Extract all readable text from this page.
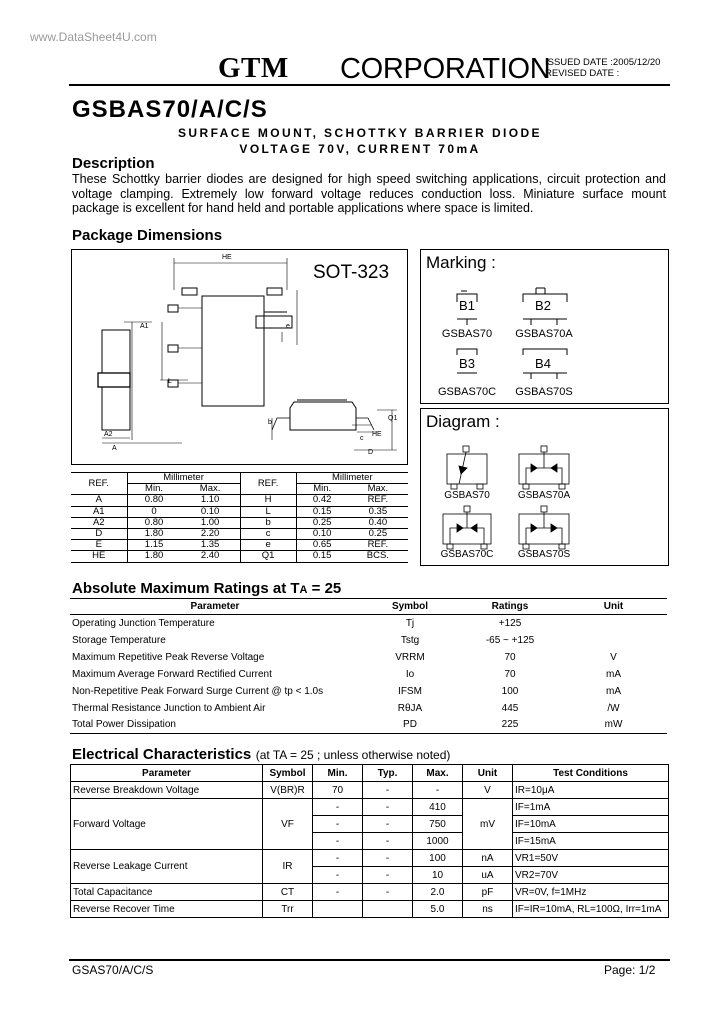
www.DataSheet4U.com
GTM CORPORATION
ISSUED DATE :2005/12/20
REVISED DATE :
GSBAS70/A/C/S
SURFACE MOUNT, SCHOTTKY BARRIER DIODE
VOLTAGE 70V, CURRENT 70mA
Description
These Schottky barrier diodes are designed for high speed switching applications, circuit protection and voltage clamping. Extremely low forward voltage reduces conduction loss. Miniature surface mount package is excellent for hand held and portable applications where space is limited.
Package Dimensions
SOT-323
HE
e
A1
L
A2
A
b
c
Q1
D
HE
Marking :
B1
GSBAS70
B2
GSBAS70A
B3
GSBAS70C
B4
GSBAS70S
Diagram :
GSBAS70	GSBAS70A
GSBAS70C	GSBAS70S
REF.	Millimeter		REF.	Millimeter	
	Min.	Max.		Min.	Max.
A	0.80	1.10	H	0.42	REF.
A1	0	0.10	L	0.15	0.35
A2	0.80	1.00	b	0.25	0.40
D	1.80	2.20	c	0.10	0.25
E	1.15	1.35	e	0.65	REF.
HE	1.80	2.40	Q1	0.15	BCS.
Absolute Maximum Ratings at TA = 25
Parameter	Symbol	Ratings	Unit
Operating Junction Temperature	Tj	+125	
Storage Temperature	Tstg	-65 ~ +125	
Maximum Repetitive Peak Reverse Voltage	VRRM	70	V
Maximum Average Forward Rectified Current	Io	70	mA
Non-Repetitive Peak Forward Surge Current @ tp < 1.0s	IFSM	100	mA
Thermal Resistance Junction to Ambient Air	RθJA	445	/W
Total Power Dissipation	PD	225	mW
Electrical Characteristics (at TA = 25 ; unless otherwise noted)
Parameter	Symbol	Min.	Typ.	Max.	Unit	Test Conditions
Reverse Breakdown Voltage	V(BR)R	70	-	-	V	IR=10μA
Forward Voltage	VF	-	-	410	mV	IF=1mA
		-	-	750		IF=10mA
		-	-	1000		IF=15mA
Reverse Leakage Current	IR	-	-	100	nA	VR1=50V
		-	-	10	uA	VR2=70V
Total Capacitance	CT	-	-	2.0	pF	VR=0V, f=1MHz
Reverse Recover Time	Trr			5.0	ns	IF=IR=10mA, RL=100Ω, Irr=1mA
GSAS70/A/C/S	Page: 1/2
